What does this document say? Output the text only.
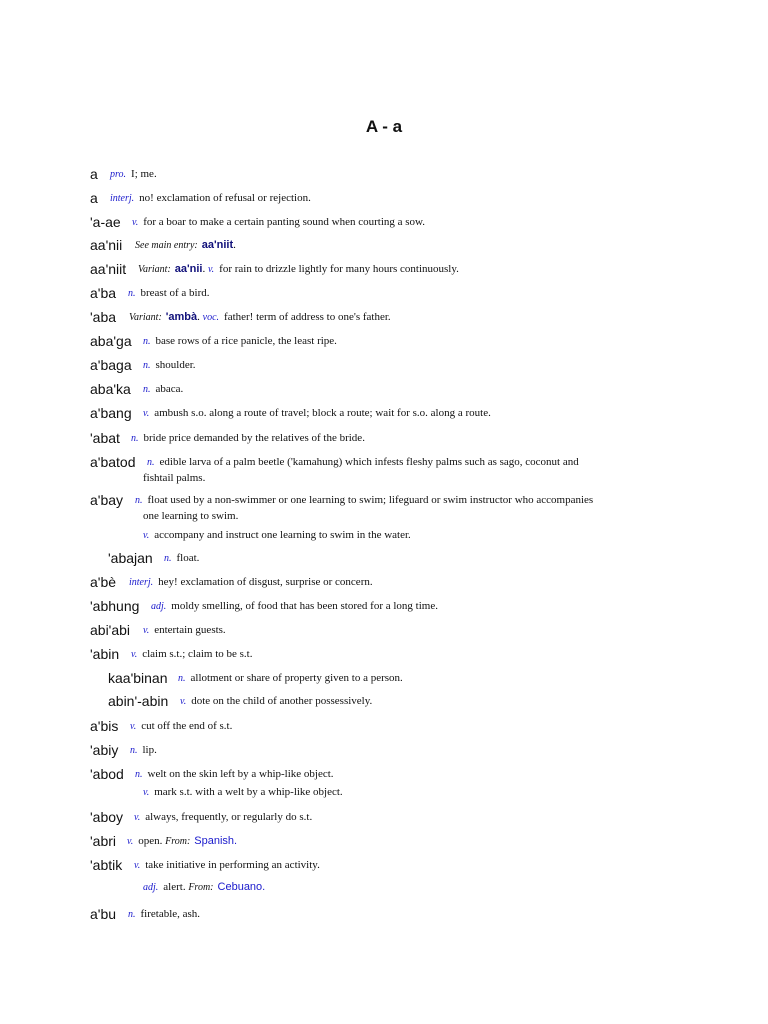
A - a
a pro. I; me.
a interj. no! exclamation of refusal or rejection.
'a-ae v. for a boar to make a certain panting sound when courting a sow.
aa'nii See main entry: aa'niit.
aa'niit Variant: aa'nii. v. for rain to drizzle lightly for many hours continuously.
a'ba n. breast of a bird.
'aba Variant: 'ambà. voc. father! term of address to one's father.
aba'ga n. base rows of a rice panicle, the least ripe.
a'baga n. shoulder.
aba'ka n. abaca.
a'bang v. ambush s.o. along a route of travel; block a route; wait for s.o. along a route.
'abat n. bride price demanded by the relatives of the bride.
a'batod n. edible larva of a palm beetle ('kamahung) which infests fleshy palms such as sago, coconut and
fishtail palms.
a'bay n. float used by a non-swimmer or one learning to swim; lifeguard or swim instructor who accompanies
one learning to swim.
v. accompany and instruct one learning to swim in the water.
'abajan n. float.
a'bè interj. hey! exclamation of disgust, surprise or concern.
'abhung adj. moldy smelling, of food that has been stored for a long time.
abi'abi v. entertain guests.
'abin v. claim s.t.; claim to be s.t.
kaa'binan n. allotment or share of property given to a person.
abin'-abin v. dote on the child of another possessively.
a'bis v. cut off the end of s.t.
'abiy n. lip.
'abod n. welt on the skin left by a whip-like object.
v. mark s.t. with a welt by a whip-like object.
'aboy v. always, frequently, or regularly do s.t.
'abri v. open. From: Spanish.
'abtik v. take initiative in performing an activity.
adj. alert. From: Cebuano.
a'bu n. firetable, ash.
